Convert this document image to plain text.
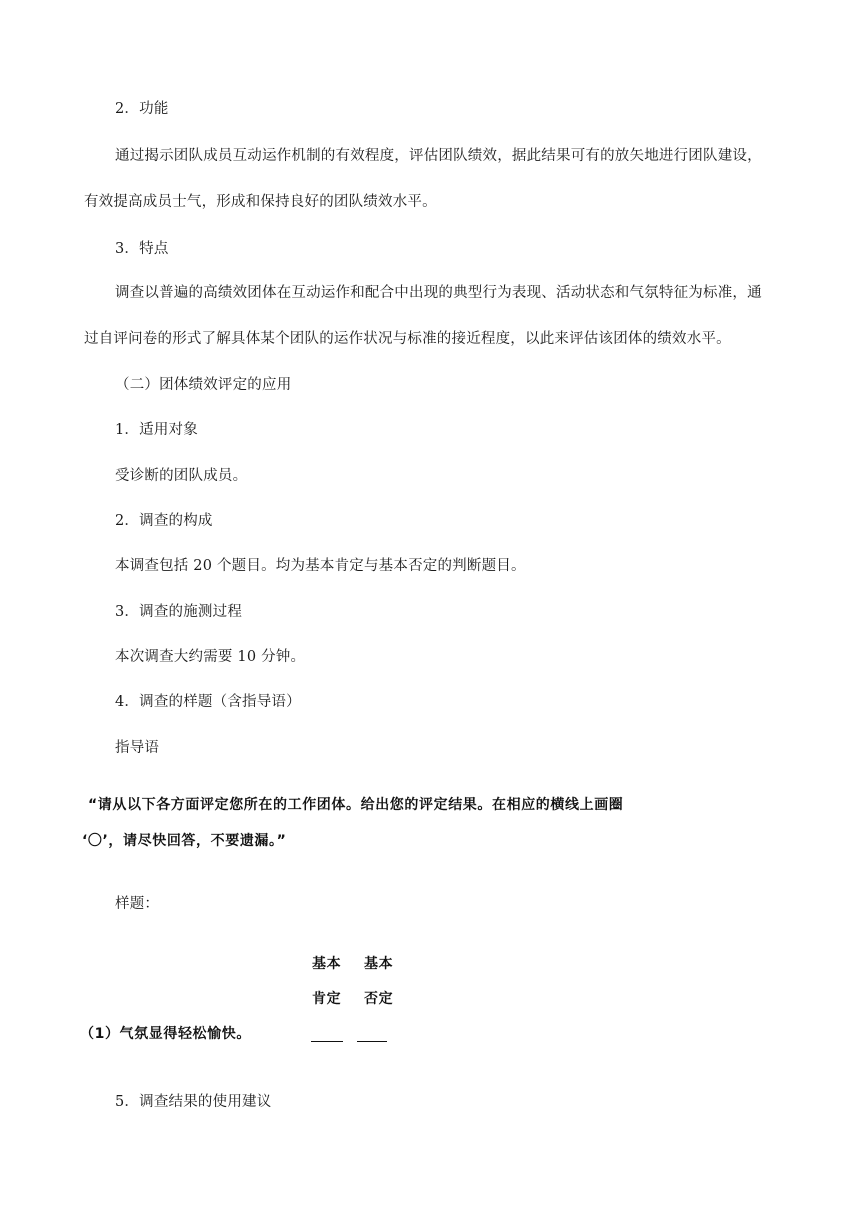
2．功能
通过揭示团队成员互动运作机制的有效程度，评估团队绩效，据此结果可有的放矢地进行团队建设，
有效提高成员士气，形成和保持良好的团队绩效水平。
3．特点
调查以普遍的高绩效团体在互动运作和配合中出现的典型行为表现、活动状态和气氛特征为标准，通
过自评问卷的形式了解具体某个团队的运作状况与标准的接近程度，以此来评估该团体的绩效水平。
（二）团体绩效评定的应用
1．适用对象
受诊断的团队成员。
2．调查的构成
本调查包括 20 个题目。均为基本肯定与基本否定的判断题目。
3．调查的施测过程
本次调查大约需要 10 分钟。
4．调查的样题（含指导语）
指导语
“请从以下各方面评定您所在的工作团体。给出您的评定结果。在相应的横线上画圈
‘〇’，请尽快回答，不要遗漏。”
样题：
基本 基本
肯定 否定
（1）气氛显得轻松愉快。
5．调查结果的使用建议
